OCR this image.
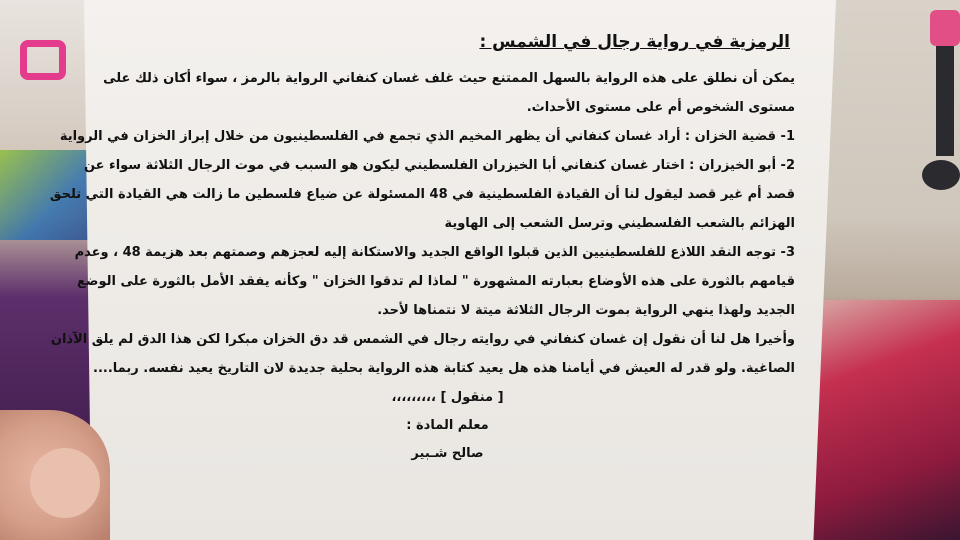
الرمزية في رواية رجال في الشمس :
يمكن أن نطلق على هذه الرواية بالسهل الممتنع حيث غلف غسان كنفاني الرواية بالرمز ، سواء أكان ذلك على
مستوى الشخوص أم على مستوى الأحداث.
1- قضية الخزان : أراد غسان كنفاني أن يظهر المخيم الذي تجمع في الفلسطينيون من خلال إبراز الخزان في الرواية
2- أبو الخيزران : اختار غسان كنفاني أبا الخيزران الفلسطيني ليكون هو السبب في موت الرجال الثلاثة سواء عن
قصد أم غير قصد ليقول لنا أن القيادة الفلسطينية في 48 المسئولة عن ضياع فلسطين ما زالت هي القيادة التي تلحق
الهزائم بالشعب الفلسطيني وترسل الشعب إلى الهاوية
3- توجه النقد اللاذع للفلسطينيين الذين قبلوا الواقع الجديد والاستكانة إليه لعجزهم وصمتهم بعد هزيمة 48 ، وعدم
قيامهم بالثورة على هذه الأوضاع بعبارته المشهورة " لماذا لم تدقوا الخزان " وكأنه يفقد الأمل بالثورة على الوضع
الجديد ولهذا ينهي الرواية بموت الرجال الثلاثة ميتة لا نتمناها لأحد.
وأخيرا هل لنا أن نقول إن غسان كنفاني في روايته رجال في الشمس قد دق الخزان مبكرا لكن هذا الدق لم يلق الآذان
الصاغية. ولو قدر له العيش في أيامنا هذه هل يعيد كتابة هذه الرواية بحلية جديدة لان التاريخ يعيد نفسه. ربما....
[ منقول ] ،،،،،،،،،
معلم المادة :
صالح شـبير
